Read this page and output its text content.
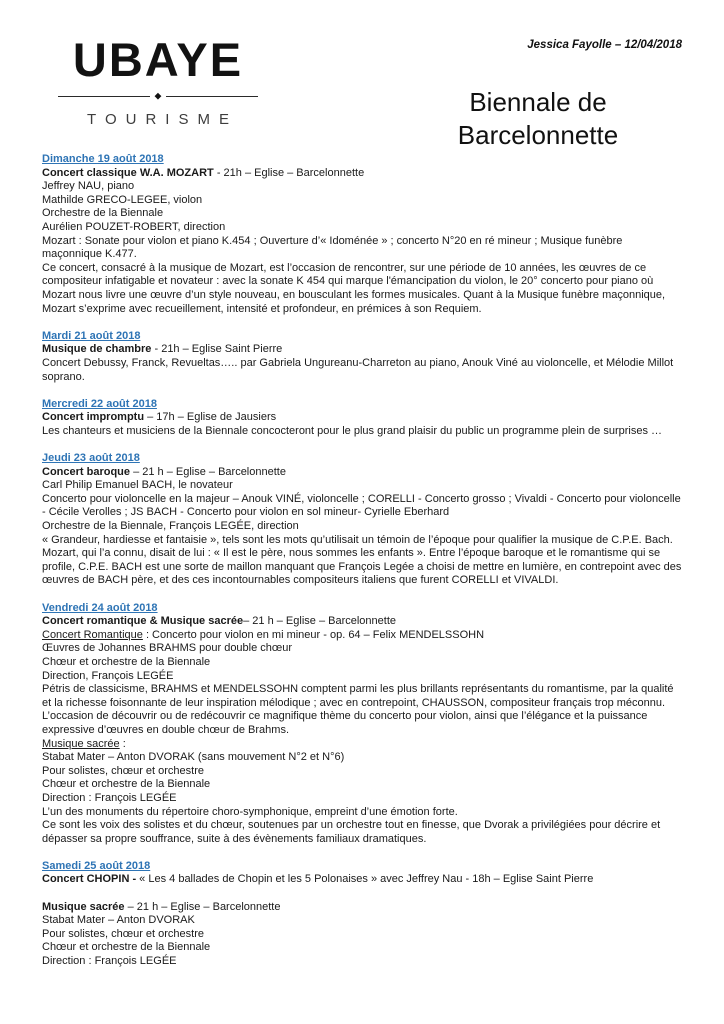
UBAYE
◆
TOURISME
Jessica Fayolle – 12/04/2018
Biennale de Barcelonnette
Dimanche 19 août 2018
Concert classique W.A. MOZART - 21h – Eglise – Barcelonnette
Jeffrey NAU, piano
Mathilde GRECO-LEGEE, violon
Orchestre de la Biennale
Aurélien POUZET-ROBERT, direction
Mozart : Sonate pour violon et piano K.454 ; Ouverture d’« Idoménée » ; concerto N°20 en ré mineur ; Musique funèbre maçonnique K.477.
Ce concert, consacré à la musique de Mozart, est l’occasion de rencontrer, sur une période de 10 années, les œuvres de ce compositeur infatigable et novateur : avec la sonate K 454 qui marque l'émancipation du violon, le 20° concerto pour piano où Mozart nous livre une œuvre d’un style nouveau, en bousculant les formes musicales. Quant à la Musique funèbre maçonnique, Mozart s’exprime avec recueillement, intensité et profondeur, en prémices à son Requiem.
Mardi 21 août 2018
Musique de chambre - 21h – Eglise Saint Pierre
Concert Debussy, Franck, Revueltas….. par Gabriela Ungureanu-Charreton au piano, Anouk Viné au violoncelle, et Mélodie Millot soprano.
Mercredi 22 août 2018
Concert impromptu – 17h – Eglise de Jausiers
Les chanteurs et musiciens de la Biennale concocteront pour le plus grand plaisir du public un programme plein de surprises …
Jeudi 23 août 2018
Concert baroque – 21 h – Eglise – Barcelonnette
Carl Philip Emanuel BACH, le novateur
Concerto pour violoncelle en la majeur – Anouk VINÉ, violoncelle ; CORELLI - Concerto grosso ; Vivaldi - Concerto pour violoncelle - Cécile Verolles ; JS BACH - Concerto pour violon en sol mineur- Cyrielle Eberhard
Orchestre de la Biennale, François LEGÉE, direction
« Grandeur, hardiesse et fantaisie », tels sont les mots qu’utilisait un témoin de l’époque pour qualifier la musique de C.P.E. Bach.
Mozart, qui l’a connu, disait de lui : « Il est le père, nous sommes les enfants ». Entre l’époque baroque et le romantisme qui se profile, C.P.E. BACH est une sorte de maillon manquant que François Legée a choisi de mettre en lumière, en contrepoint avec des œuvres de BACH père, et des ces incontournables compositeurs italiens que furent CORELLI et VIVALDI.
Vendredi 24 août 2018
Concert romantique & Musique sacrée– 21 h – Eglise – Barcelonnette
Concert Romantique : Concerto pour violon en mi mineur - op. 64 – Felix MENDELSSOHN
Œuvres de Johannes BRAHMS pour double chœur
Chœur et orchestre de la Biennale
Direction, François LEGÉE
Pétris de classicisme, BRAHMS et MENDELSSOHN comptent parmi les plus brillants représentants du romantisme, par la qualité et la richesse foisonnante de leur inspiration mélodique ; avec en contrepoint, CHAUSSON, compositeur français trop méconnu.
L’occasion de découvrir ou de redécouvrir ce magnifique thème du concerto pour violon, ainsi que l’élégance et la puissance expressive d’œuvres en double chœur de Brahms.
Musique sacrée :
Stabat Mater – Anton DVORAK (sans mouvement N°2 et N°6)
Pour solistes, chœur et orchestre
Chœur et orchestre de la Biennale
Direction : François LEGÉE
L’un des monuments du répertoire choro-symphonique, empreint d’une émotion forte.
Ce sont les voix des solistes et du chœur, soutenues par un orchestre tout en finesse, que Dvorak a privilégiées pour décrire et dépasser sa propre souffrance, suite à des évènements familiaux dramatiques.
Samedi 25 août 2018
Concert CHOPIN - « Les 4 ballades de Chopin et les 5 Polonaises » avec Jeffrey Nau - 18h – Eglise Saint Pierre
Musique sacrée – 21 h – Eglise – Barcelonnette
Stabat Mater – Anton DVORAK
Pour solistes, chœur et orchestre
Chœur et orchestre de la Biennale
Direction : François LEGÉE
